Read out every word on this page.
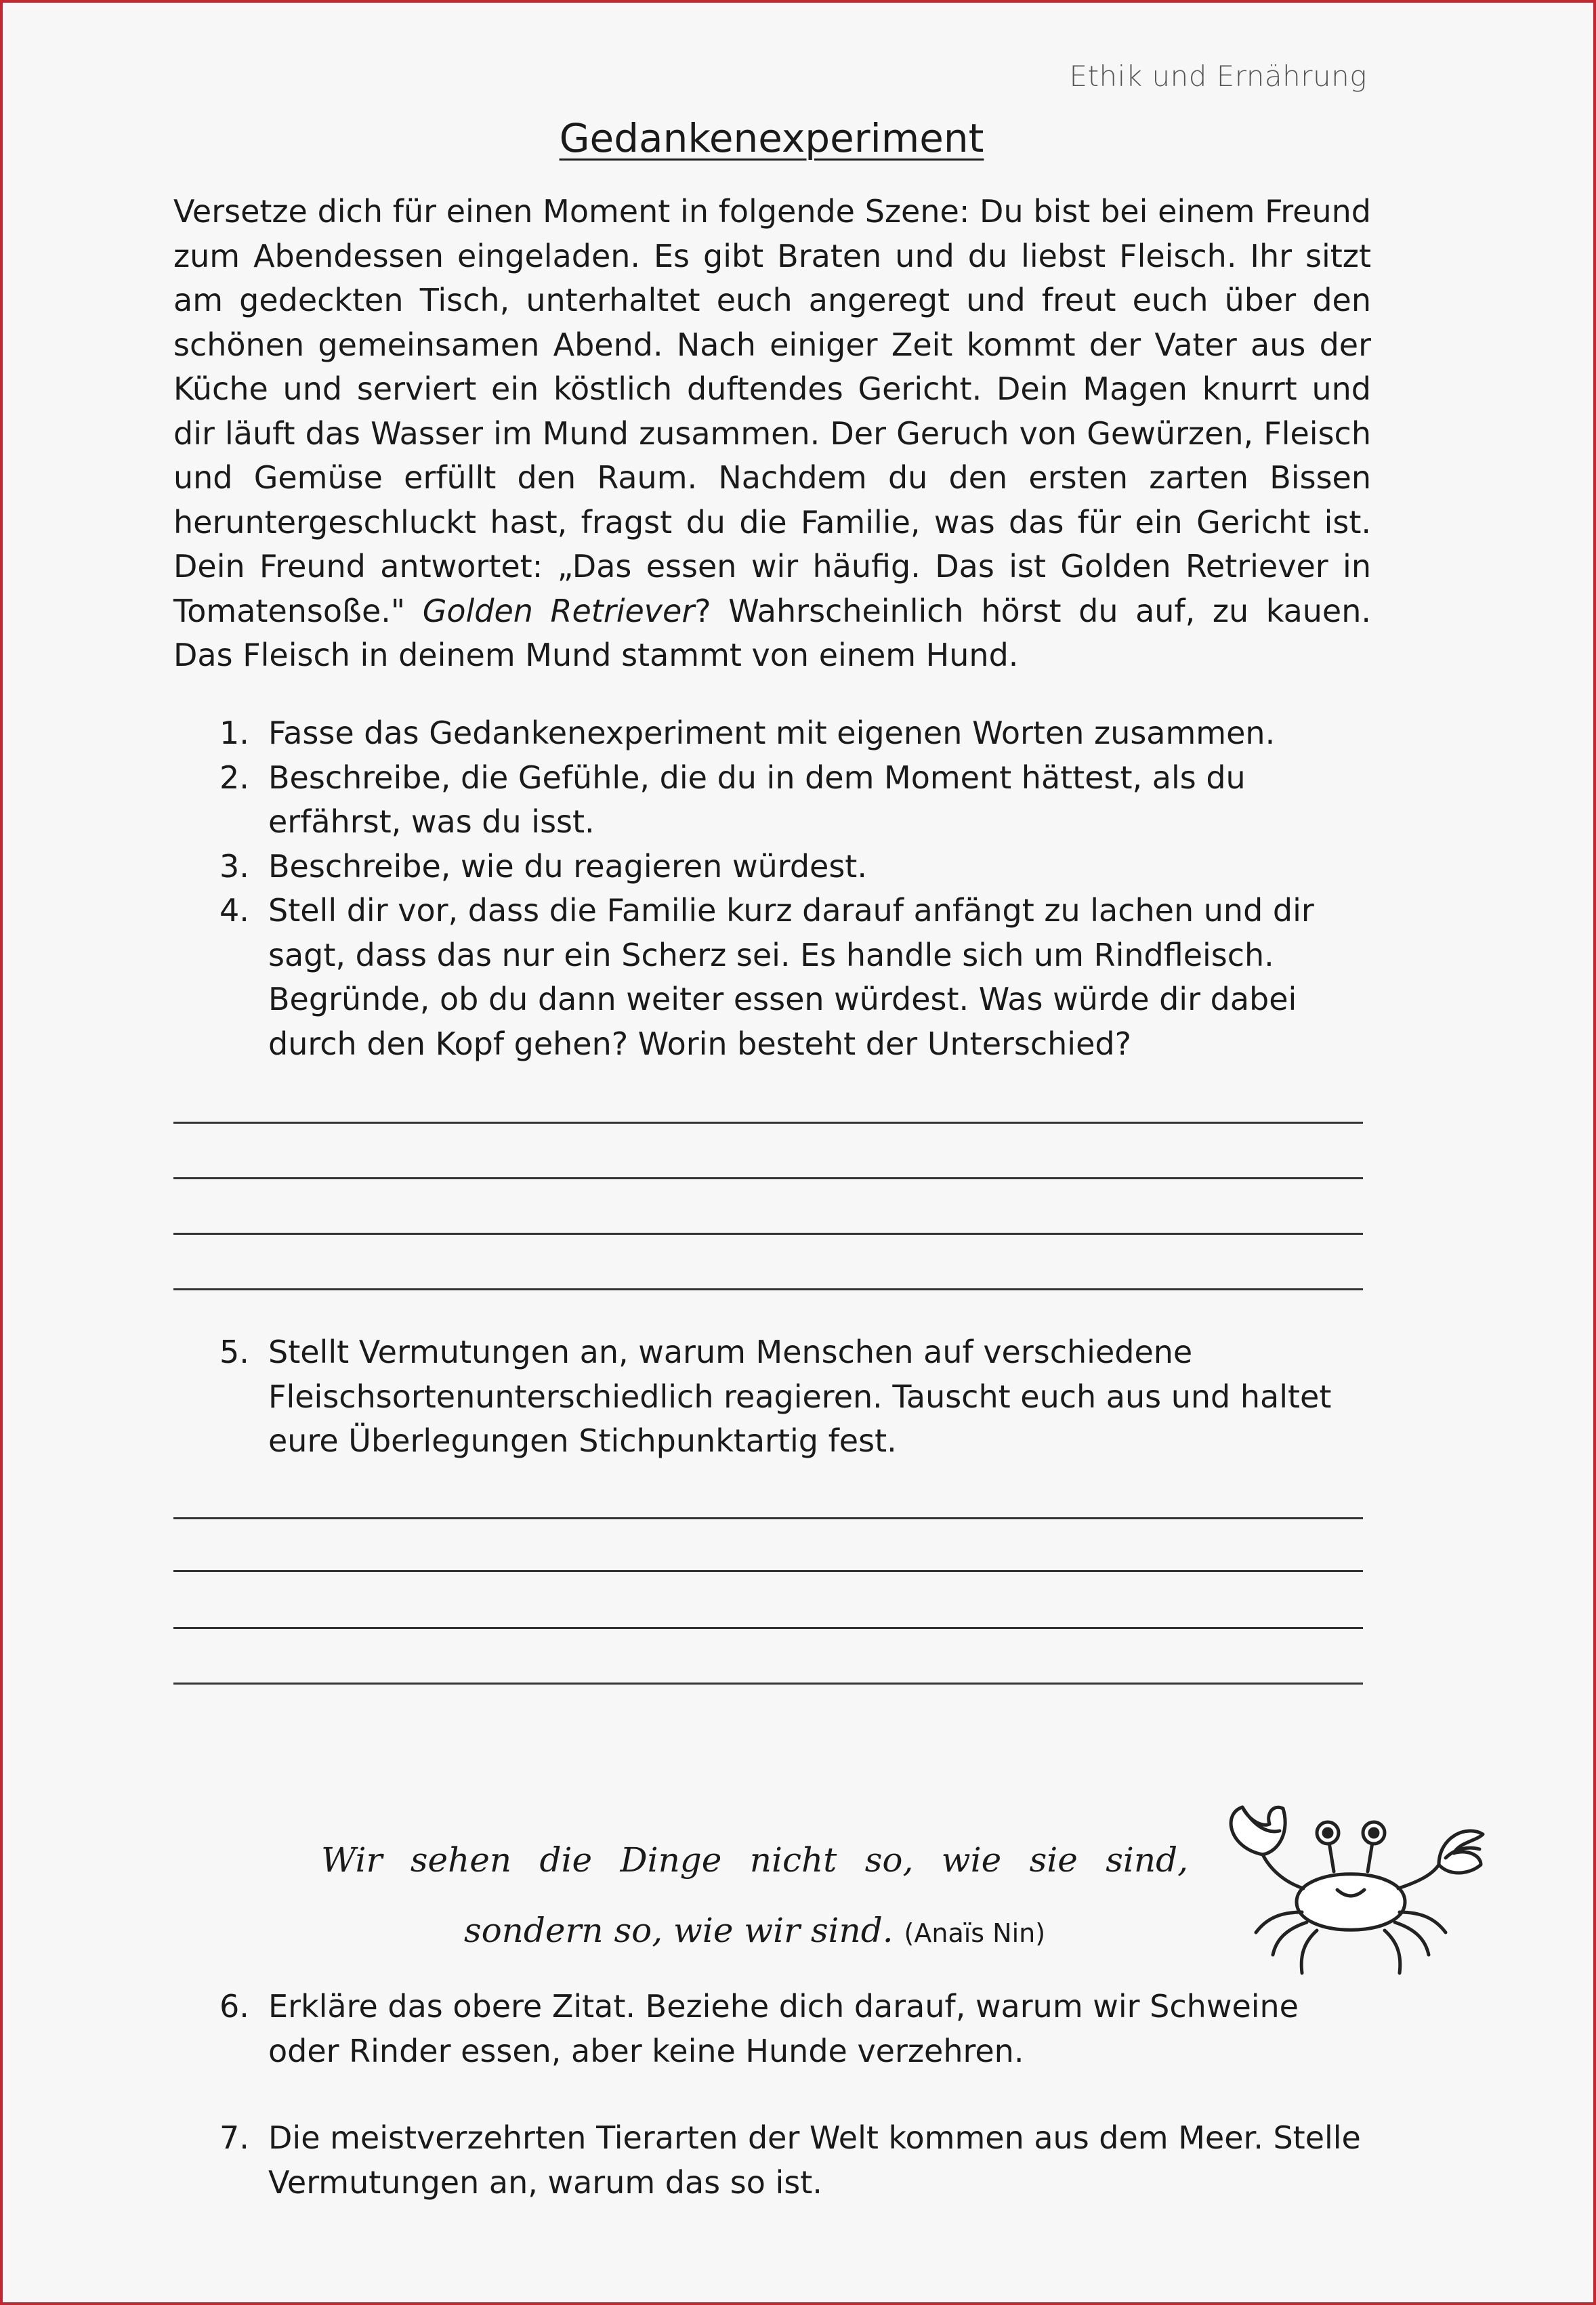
Ethik und Ernährung
Gedankenexperiment
Versetze dich für einen Moment in folgende Szene: Du bist bei einem Freund zum Abendessen eingeladen. Es gibt Braten und du liebst Fleisch. Ihr sitzt am gedeckten Tisch, unterhaltet euch angeregt und freut euch über den schönen gemeinsamen Abend. Nach einiger Zeit kommt der Vater aus der Küche und serviert ein köstlich duftendes Gericht. Dein Magen knurrt und dir läuft das Wasser im Mund zusammen. Der Geruch von Gewürzen, Fleisch und Gemüse erfüllt den Raum. Nachdem du den ersten zarten Bissen heruntergeschluckt hast, fragst du die Familie, was das für ein Gericht ist. Dein Freund antwortet: „Das essen wir häufig. Das ist Golden Retriever in Tomatensoße." Golden Retriever? Wahrscheinlich hörst du auf, zu kauen. Das Fleisch in deinem Mund stammt von einem Hund.
1. Fasse das Gedankenexperiment mit eigenen Worten zusammen.
2. Beschreibe, die Gefühle, die du in dem Moment hättest, als du erfährst, was du isst.
3. Beschreibe, wie du reagieren würdest.
4. Stell dir vor, dass die Familie kurz darauf anfängt zu lachen und dir sagt, dass das nur ein Scherz sei. Es handle sich um Rindfleisch. Begründe, ob du dann weiter essen würdest. Was würde dir dabei durch den Kopf gehen? Worin besteht der Unterschied?
5. Stellt Vermutungen an, warum Menschen auf verschiedene Fleischsortenunterschiedlich reagieren. Tauscht euch aus und haltet eure Überlegungen Stichpunktartig fest.
Wir sehen die Dinge nicht so, wie sie sind, sondern so, wie wir sind. (Anaïs Nin)
6. Erkläre das obere Zitat. Beziehe dich darauf, warum wir Schweine oder Rinder essen, aber keine Hunde verzehren.
7. Die meistverzehrten Tierarten der Welt kommen aus dem Meer. Stelle Vermutungen an, warum das so ist.
